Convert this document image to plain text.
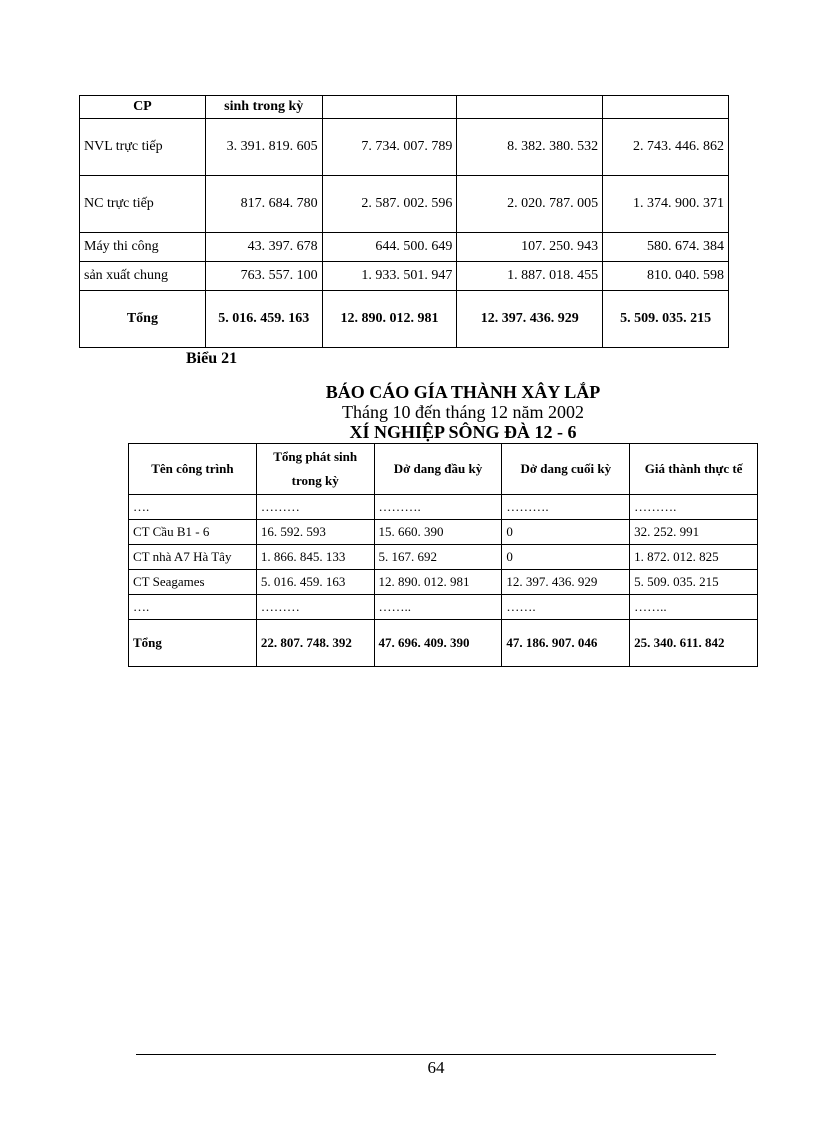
CP	sinh trong kỳ			
NVL trực tiếp	3. 391. 819. 605	7. 734. 007. 789	8. 382. 380. 532	2. 743. 446. 862
NC trực tiếp	817. 684. 780	2. 587. 002. 596	2. 020. 787. 005	1. 374. 900. 371
Máy thi công	43. 397. 678	644. 500. 649	107. 250. 943	580. 674. 384
sản xuất chung	763. 557. 100	1. 933. 501. 947	1. 887. 018. 455	810. 040. 598
Tổng	5. 016. 459. 163	12. 890. 012. 981	12. 397. 436. 929	5. 509. 035. 215
Biểu 21
BÁO CÁO GÍA THÀNH XÂY LẮP
Tháng 10 đến tháng 12 năm 2002
XÍ NGHIỆP SÔNG ĐÀ 12 - 6
Tên công trình	Tổng phát sinh trong kỳ	Dở dang đầu kỳ	Dở dang cuối kỳ	Giá thành thực tế
….	………	……….	……….	……….
CT Cầu B1 - 6	16. 592. 593	15. 660. 390	0	32. 252. 991
CT nhà A7 Hà Tây	1. 866. 845. 133	5. 167. 692	0	1. 872. 012. 825
CT Seagames	5. 016. 459. 163	12. 890. 012. 981	12. 397. 436. 929	5. 509. 035. 215
….	………	……..	…….	……..
Tổng	22. 807. 748. 392	47. 696. 409. 390	47. 186. 907. 046	25. 340. 611. 842
64
